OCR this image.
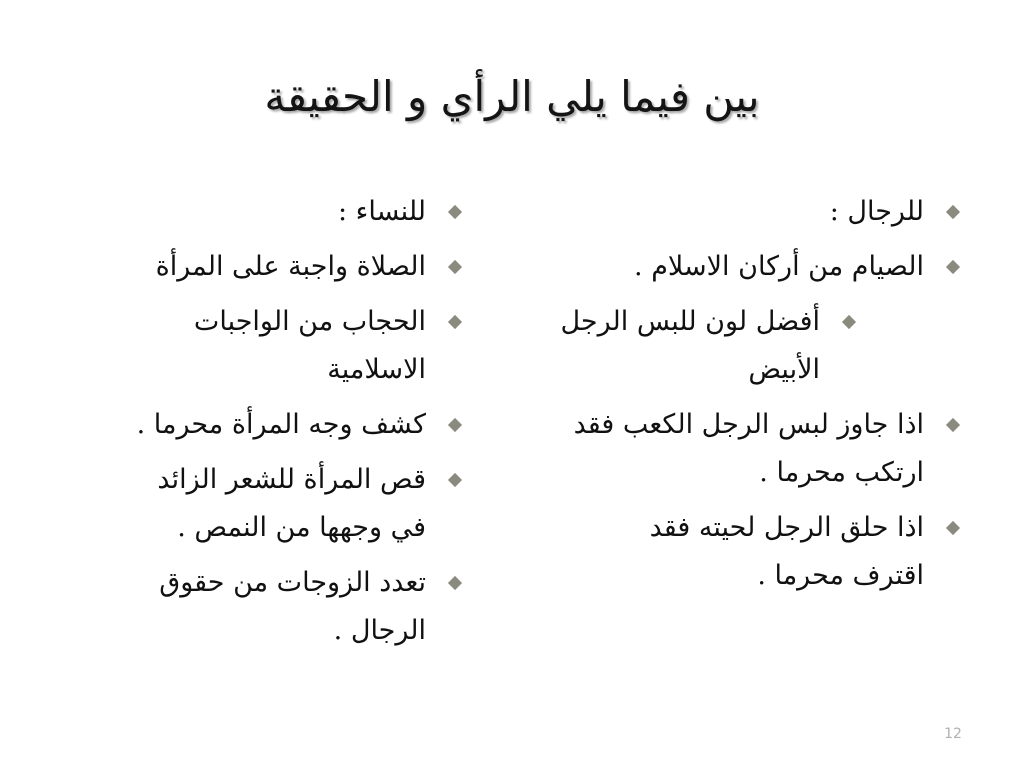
بين فيما يلي الرأي و الحقيقة
للرجال :
الصيام من أركان الاسلام .
أفضل لون للبس الرجل الأبيض
اذا جاوز لبس الرجل الكعب فقد ارتكب محرما .
اذا حلق الرجل لحيته فقد اقترف محرما .
للنساء :
الصلاة واجبة على المرأة
الحجاب من الواجبات الاسلامية
كشف وجه المرأة محرما .
قص المرأة للشعر الزائد في وجهها من النمص .
تعدد الزوجات من حقوق الرجال .
12
